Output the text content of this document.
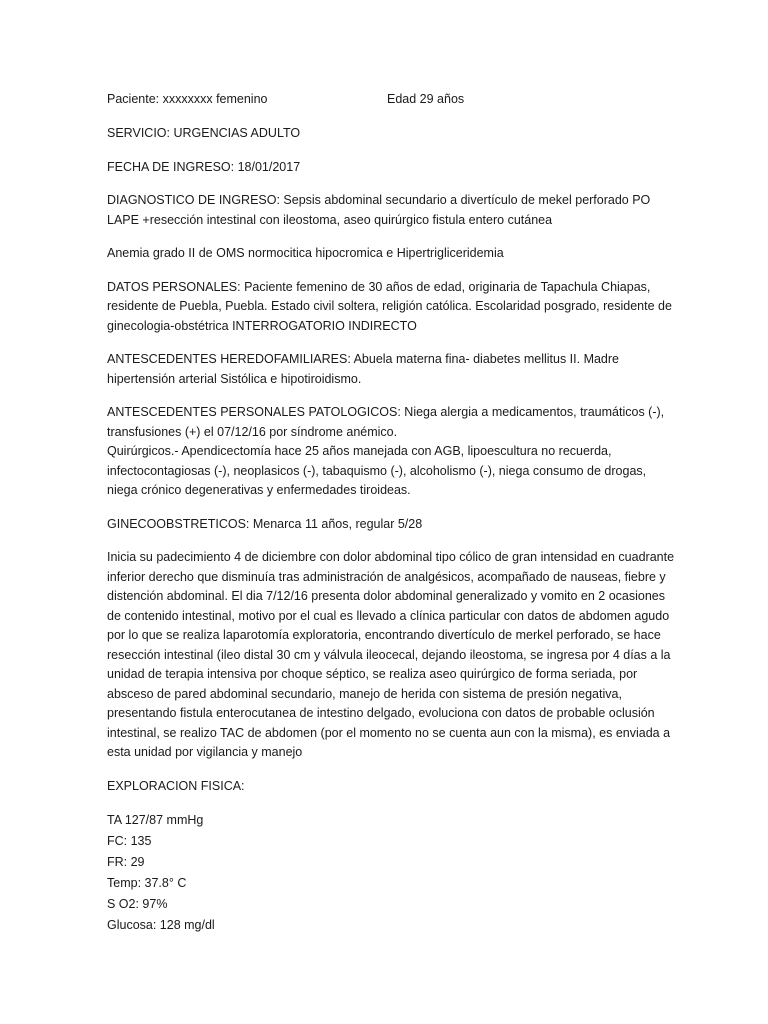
Paciente: xxxxxxxx femenino	Edad 29 años

SERVICIO: URGENCIAS ADULTO

FECHA DE INGRESO: 18/01/2017

DIAGNOSTICO DE INGRESO: Sepsis abdominal secundario a divertículo de mekel perforado PO LAPE +resección intestinal con ileostoma, aseo quirúrgico fistula entero cutánea

Anemia grado II de OMS normocitica hipocromica e Hipertrigliceridemia

DATOS PERSONALES: Paciente femenino de 30 años de edad, originaria de Tapachula Chiapas, residente de Puebla, Puebla. Estado civil soltera, religión católica. Escolaridad posgrado, residente de ginecologia-obstétrica INTERROGATORIO INDIRECTO

ANTESCEDENTES HEREDOFAMILIARES: Abuela materna fina- diabetes mellitus II. Madre hipertensión arterial Sistólica e hipotiroidismo.

ANTESCEDENTES PERSONALES PATOLOGICOS: Niega alergia a medicamentos, traumáticos (-), transfusiones (+) el 07/12/16 por síndrome anémico.

Quirúrgicos.- Apendicectomía hace 25 años manejada con AGB, lipoescultura no recuerda, infectocontagiosas (-), neoplasicos (-), tabaquismo (-), alcoholismo (-), niega consumo de drogas, niega crónico degenerativas y enfermedades tiroideas.

GINECOOBSTRETICOS: Menarca 11 años, regular 5/28

Inicia su padecimiento 4 de diciembre con dolor abdominal tipo cólico de gran intensidad en cuadrante inferior derecho que disminuía tras administración de analgésicos, acompañado de nauseas, fiebre y distención abdominal. El dia 7/12/16 presenta dolor abdominal generalizado y vomito en 2 ocasiones de contenido intestinal, motivo por el cual es llevado a clínica particular con datos de abdomen agudo por lo que se realiza laparotomía exploratoria, encontrando divertículo de merkel perforado, se hace resección intestinal (ileo distal 30 cm y válvula ileocecal, dejando ileostoma, se ingresa por 4 días a la unidad de terapia intensiva por choque séptico, se realiza aseo quirúrgico de forma seriada, por absceso de pared abdominal secundario, manejo de herida con sistema de presión negativa, presentando fistula enterocutanea de intestino delgado, evoluciona con datos de probable oclusión intestinal, se realizo TAC de abdomen (por el momento no se cuenta aun con la misma), es enviada a esta unidad por vigilancia y manejo

EXPLORACION FISICA:

TA 127/87 mmHg
FC: 135
FR: 29
Temp: 37.8° C
S O2: 97%
Glucosa: 128 mg/dl
